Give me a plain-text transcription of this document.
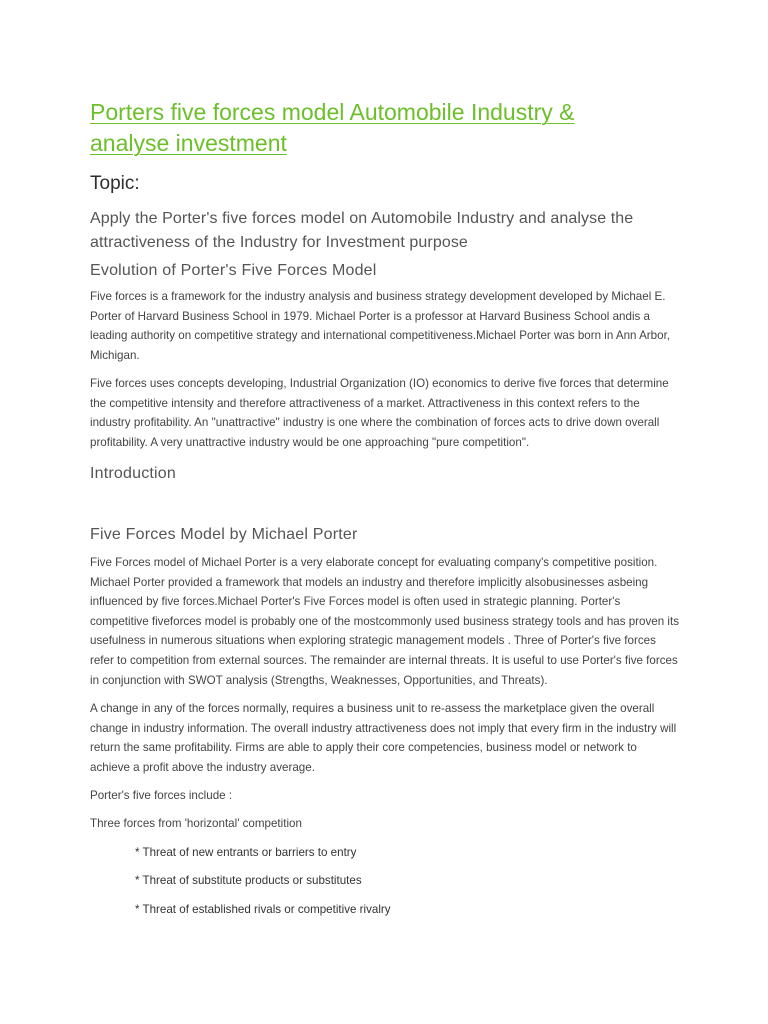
Porters five forces model Automobile Industry & analyse investment
Topic:

Apply the Porter's five forces model on Automobile Industry and analyse the attractiveness of the Industry for Investment purpose

Evolution of Porter's Five Forces Model

Five forces is a framework for the industry analysis and business strategy development developed by Michael E. Porter of Harvard Business School in 1979. Michael Porter is a professor at Harvard Business School andis a leading authority on competitive strategy and international competitiveness.Michael Porter was born in Ann Arbor, Michigan.

Five forces uses concepts developing, Industrial Organization (IO) economics to derive five forces that determine the competitive intensity and therefore attractiveness of a market. Attractiveness in this context refers to the industry profitability. An "unattractive" industry is one where the combination of forces acts to drive down overall profitability. A very unattractive industry would be one approaching "pure competition".

Introduction
Five Forces Model by Michael Porter

Five Forces model of Michael Porter is a very elaborate concept for evaluating company's competitive position. Michael Porter provided a framework that models an industry and therefore implicitly alsobusinesses asbeing influenced by five forces.Michael Porter's Five Forces model is often used in strategic planning. Porter's competitive fiveforces model is probably one of the mostcommonly used business strategy tools and has proven its usefulness in numerous situations when exploring strategic management models . Three of Porter's five forces refer to competition from external sources. The remainder are internal threats. It is useful to use Porter's five forces in conjunction with SWOT analysis (Strengths, Weaknesses, Opportunities, and Threats).

A change in any of the forces normally, requires a business unit to re-assess the marketplace given the overall change in industry information. The overall industry attractiveness does not imply that every firm in the industry will return the same profitability. Firms are able to apply their core competencies, business model or network to achieve a profit above the industry average.

Porter's five forces include :

Three forces from 'horizontal' competition

* Threat of new entrants or barriers to entry

* Threat of substitute products or substitutes

* Threat of established rivals or competitive rivalry
